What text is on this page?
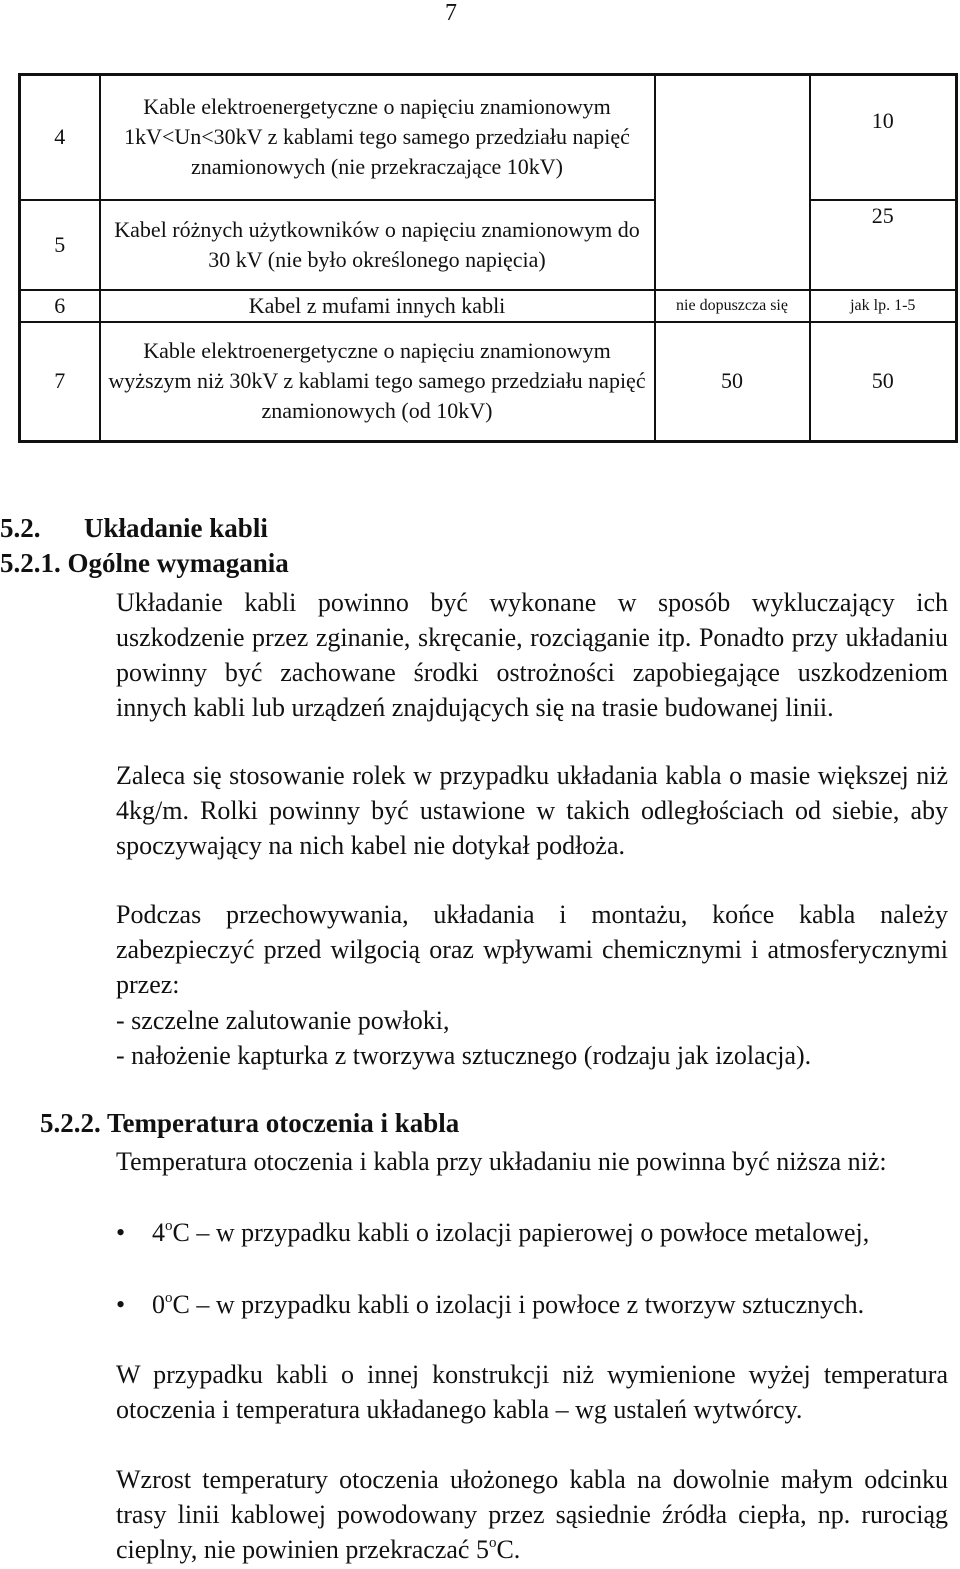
7
4	Kable elektroenergetyczne o napięciu znamionowym 1kV<Un<30kV z kablami tego samego przedziału napięć znamionowych (nie przekraczające 10kV)		10
5	Kabel różnych użytkowników o napięciu znamionowym do 30 kV (nie było określonego napięcia)		25
6	Kabel z mufami innych kabli	nie dopuszcza się	jak lp. 1-5
7	Kable elektroenergetyczne o napięciu znamionowym wyższym niż 30kV z kablami tego samego przedziału napięć znamionowych (od 10kV)	50	50
5.2. Układanie kabli
5.2.1. Ogólne wymagania
Układanie kabli powinno być wykonane w sposób wykluczający ich uszkodzenie przez zginanie, skręcanie, rozciąganie itp. Ponadto przy układaniu powinny być zachowane środki ostrożności zapobiegające uszkodzeniom innych kabli lub urządzeń znajdujących się na trasie budowanej linii.
Zaleca się stosowanie rolek w przypadku układania kabla o masie większej niż 4kg/m. Rolki powinny być ustawione w takich odległościach od siebie, aby spoczywający na nich kabel nie dotykał podłoża.
Podczas przechowywania, układania i montażu, końce kabla należy zabezpieczyć przed wilgocią oraz wpływami chemicznymi i atmosferycznymi przez:
- szczelne zalutowanie powłoki,
- nałożenie kapturka z tworzywa sztucznego (rodzaju jak izolacja).
5.2.2. Temperatura otoczenia i kabla
Temperatura otoczenia i kabla przy układaniu nie powinna być niższa niż:
•	4$^o$C – w przypadku kabli o izolacji papierowej o powłoce metalowej,
•	0$^o$C – w przypadku kabli o izolacji i powłoce z tworzyw sztucznych.
W przypadku kabli o innej konstrukcji niż wymienione wyżej temperatura otoczenia i temperatura układanego kabla – wg ustaleń wytwórcy.
Wzrost temperatury otoczenia ułożonego kabla na dowolnie małym odcinku trasy linii kablowej powodowany przez sąsiednie źródła ciepła, np. rurociąg cieplny, nie powinien przekraczać 5$^o$C.
